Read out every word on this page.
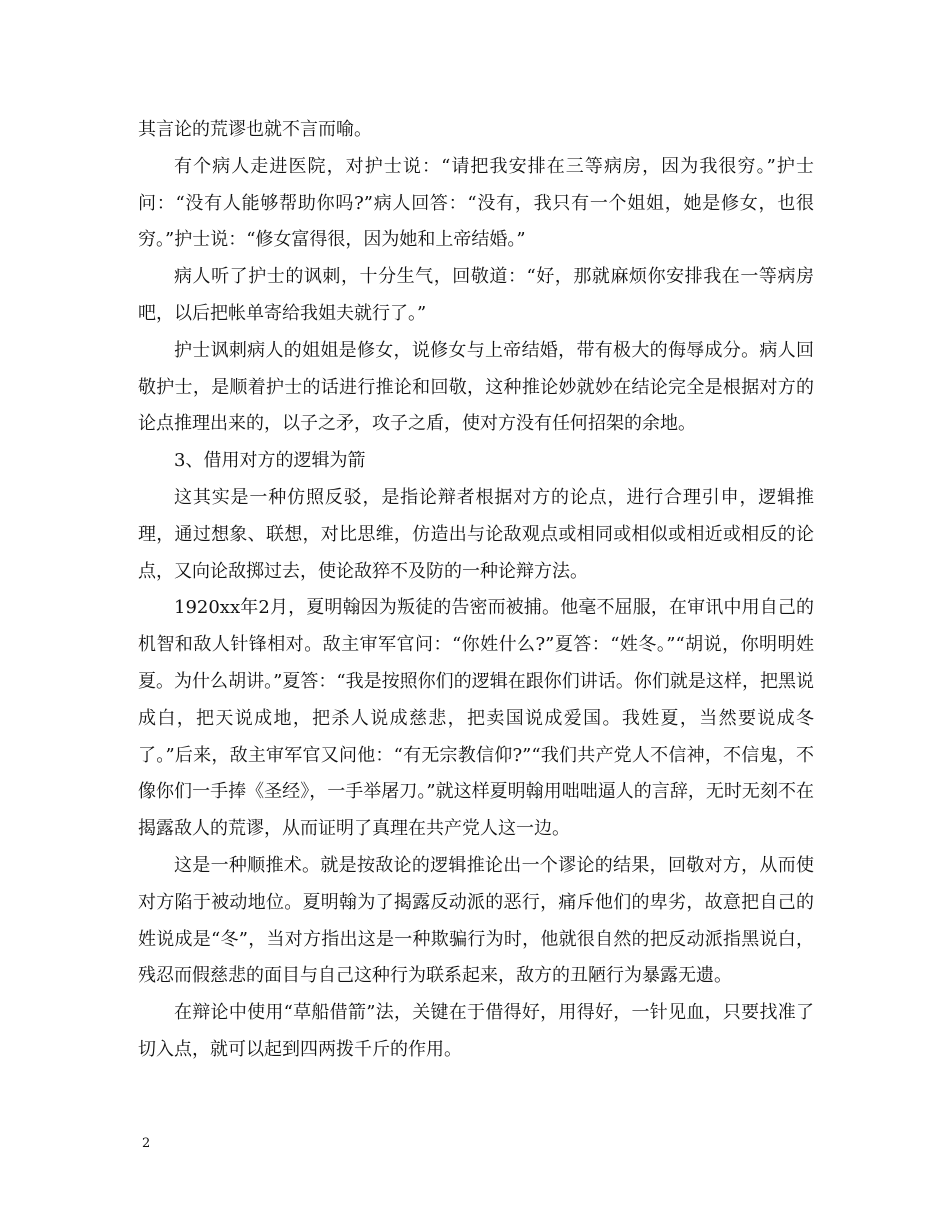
其言论的荒谬也就不言而喻。

有个病人走进医院，对护士说：“请把我安排在三等病房，因为我很穷。”护士问：“没有人能够帮助你吗?”病人回答：“没有，我只有一个姐姐，她是修女，也很穷。”护士说：“修女富得很，因为她和上帝结婚。”

病人听了护士的讽刺，十分生气，回敬道：“好，那就麻烦你安排我在一等病房吧，以后把帐单寄给我姐夫就行了。”

护士讽刺病人的姐姐是修女，说修女与上帝结婚，带有极大的侮辱成分。病人回敬护士，是顺着护士的话进行推论和回敬，这种推论妙就妙在结论完全是根据对方的论点推理出来的，以子之矛，攻子之盾，使对方没有任何招架的余地。

3、借用对方的逻辑为箭

这其实是一种仿照反驳，是指论辩者根据对方的论点，进行合理引申，逻辑推理，通过想象、联想，对比思维，仿造出与论敌观点或相同或相似或相近或相反的论点，又向论敌掷过去，使论敌猝不及防的一种论辩方法。

1920xx年2月，夏明翰因为叛徒的告密而被捕。他毫不屈服，在审讯中用自己的机智和敌人针锋相对。敌主审军官问：“你姓什么?”夏答：“姓冬。”“胡说，你明明姓夏。为什么胡讲。”夏答：“我是按照你们的逻辑在跟你们讲话。你们就是这样，把黑说成白，把天说成地，把杀人说成慈悲，把卖国说成爱国。我姓夏，当然要说成冬了。”后来，敌主审军官又问他：“有无宗教信仰?”“我们共产党人不信神，不信鬼，不像你们一手捧《圣经》，一手举屠刀。”就这样夏明翰用咄咄逼人的言辞，无时无刻不在揭露敌人的荒谬，从而证明了真理在共产党人这一边。

这是一种顺推术。就是按敌论的逻辑推论出一个谬论的结果，回敬对方，从而使对方陷于被动地位。夏明翰为了揭露反动派的恶行，痛斥他们的卑劣，故意把自己的姓说成是“冬”，当对方指出这是一种欺骗行为时，他就很自然的把反动派指黑说白，残忍而假慈悲的面目与自己这种行为联系起来，敌方的丑陋行为暴露无遗。

在辩论中使用“草船借箭”法，关键在于借得好，用得好，一针见血，只要找准了切入点，就可以起到四两拨千斤的作用。

2
